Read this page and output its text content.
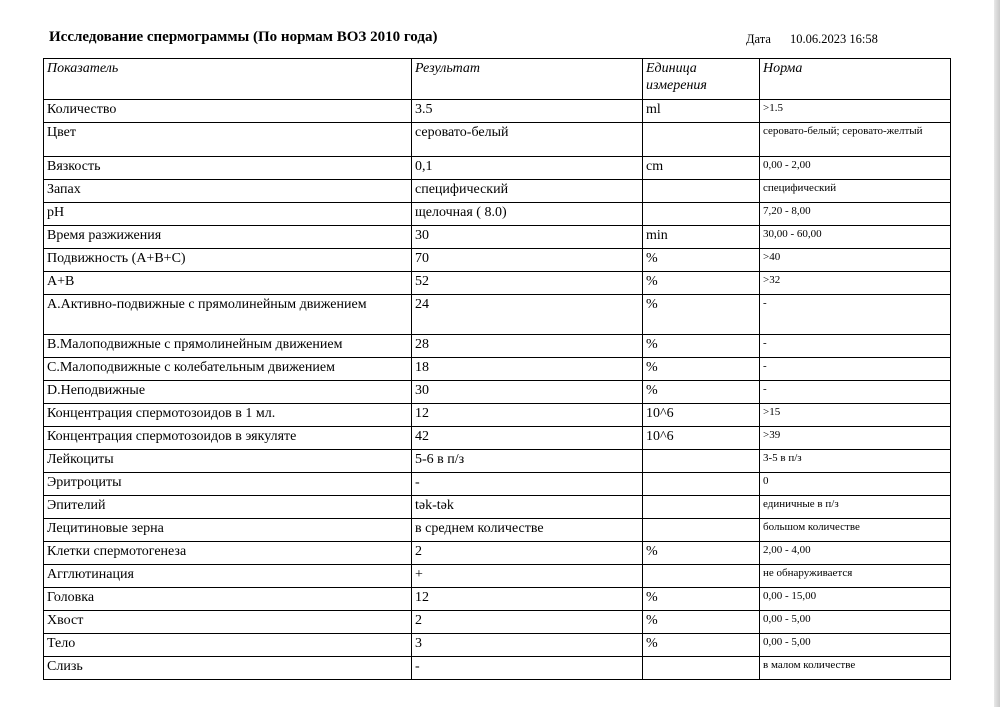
Исследование спермограммы (По нормам ВОЗ 2010 года)	Дата 10.06.2023 16:58
Показатель	Результат	Единица измерения	Норма
Количество	3.5	ml	>1.5
Цвет	серовато-белый		серовато-белый; серовато-желтый
Вязкость	0,1	cm	0,00 - 2,00
Запах	специфический		специфический
pH	щелочная ( 8.0)		7,20 - 8,00
Время разжижения	30	min	30,00 - 60,00
Подвижность (A+B+C)	70	%	>40
A+B	52	%	>32
A.Активно-подвижные с прямолинейным движением	24	%	-
B.Малоподвижные с прямолинейным движением	28	%	-
C.Малоподвижные с колебательным движением	18	%	-
D.Неподвижные	30	%	-
Концентрация спермотозоидов в 1 мл.	12	10^6	>15
Концентрация спермотозоидов в эякуляте	42	10^6	>39
Лейкоциты	5-6 в п/з		3-5 в п/з
Эритроциты	-		0
Эпителий	tək-tək		единичные в п/з
Лецитиновые зерна	в среднем количестве		большом количестве
Клетки спермотогенеза	2	%	2,00 - 4,00
Агглютинация	+		не обнаруживается
Головка	12	%	0,00 - 15,00
Хвост	2	%	0,00 - 5,00
Тело	3	%	0,00 - 5,00
Слизь	-		в малом количестве
